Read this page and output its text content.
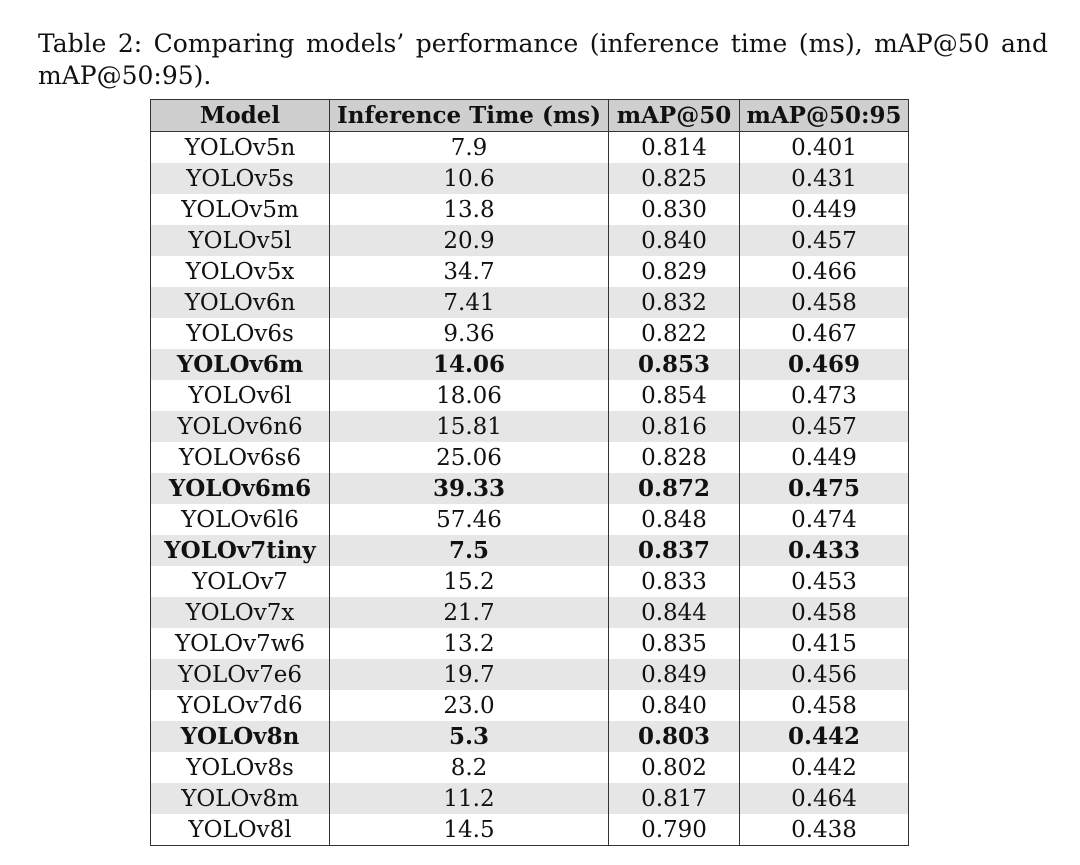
Table 2: Comparing models’ performance (inference time (ms), mAP@50 and
mAP@50:95).

Model	Inference Time (ms)	mAP@50	mAP@50:95
YOLOv5n	7.9	0.814	0.401
YOLOv5s	10.6	0.825	0.431
YOLOv5m	13.8	0.830	0.449
YOLOv5l	20.9	0.840	0.457
YOLOv5x	34.7	0.829	0.466
YOLOv6n	7.41	0.832	0.458
YOLOv6s	9.36	0.822	0.467
YOLOv6m	14.06	0.853	0.469
YOLOv6l	18.06	0.854	0.473
YOLOv6n6	15.81	0.816	0.457
YOLOv6s6	25.06	0.828	0.449
YOLOv6m6	39.33	0.872	0.475
YOLOv6l6	57.46	0.848	0.474
YOLOv7tiny	7.5	0.837	0.433
YOLOv7	15.2	0.833	0.453
YOLOv7x	21.7	0.844	0.458
YOLOv7w6	13.2	0.835	0.415
YOLOv7e6	19.7	0.849	0.456
YOLOv7d6	23.0	0.840	0.458
YOLOv8n	5.3	0.803	0.442
YOLOv8s	8.2	0.802	0.442
YOLOv8m	11.2	0.817	0.464
YOLOv8l	14.5	0.790	0.438
